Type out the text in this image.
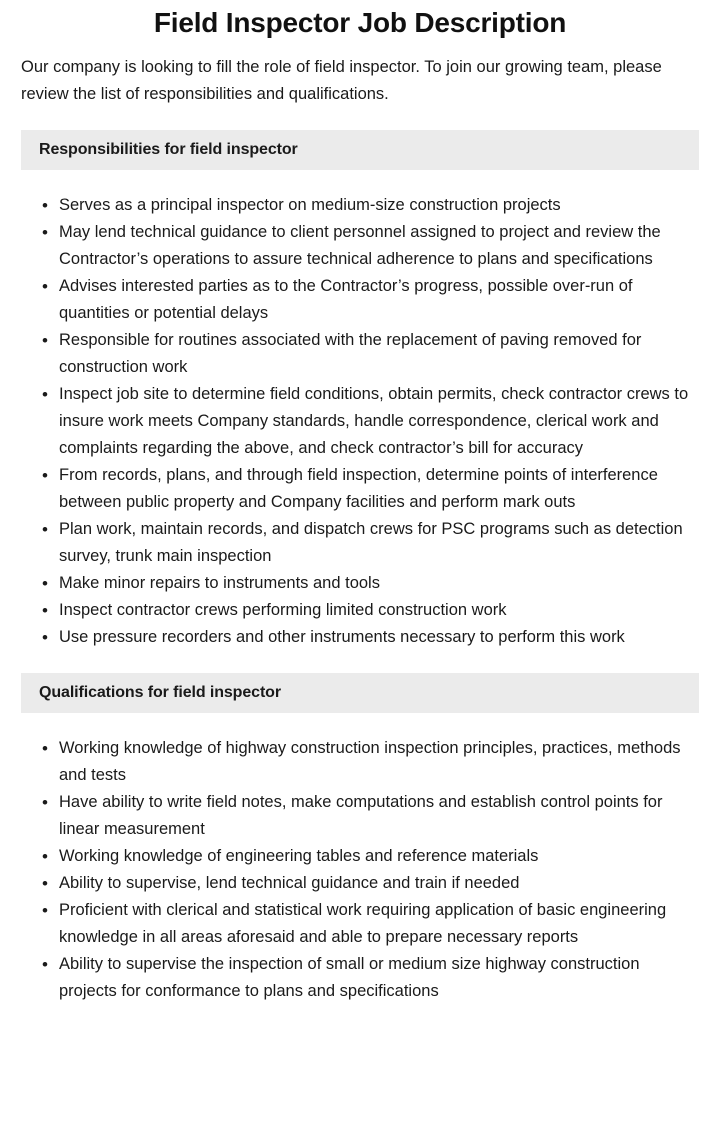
Field Inspector Job Description

Our company is looking to fill the role of field inspector. To join our growing team, please review the list of responsibilities and qualifications.

Responsibilities for field inspector
• Serves as a principal inspector on medium-size construction projects
• May lend technical guidance to client personnel assigned to project and review the Contractor’s operations to assure technical adherence to plans and specifications
• Advises interested parties as to the Contractor’s progress, possible over-run of quantities or potential delays
• Responsible for routines associated with the replacement of paving removed for construction work
• Inspect job site to determine field conditions, obtain permits, check contractor crews to insure work meets Company standards, handle correspondence, clerical work and complaints regarding the above, and check contractor’s bill for accuracy
• From records, plans, and through field inspection, determine points of interference between public property and Company facilities and perform mark outs
• Plan work, maintain records, and dispatch crews for PSC programs such as detection survey, trunk main inspection
• Make minor repairs to instruments and tools
• Inspect contractor crews performing limited construction work
• Use pressure recorders and other instruments necessary to perform this work
Qualifications for field inspector
• Working knowledge of highway construction inspection principles, practices, methods and tests
• Have ability to write field notes, make computations and establish control points for linear measurement
• Working knowledge of engineering tables and reference materials
• Ability to supervise, lend technical guidance and train if needed
• Proficient with clerical and statistical work requiring application of basic engineering knowledge in all areas aforesaid and able to prepare necessary reports
• Ability to supervise the inspection of small or medium size highway construction projects for conformance to plans and specifications
